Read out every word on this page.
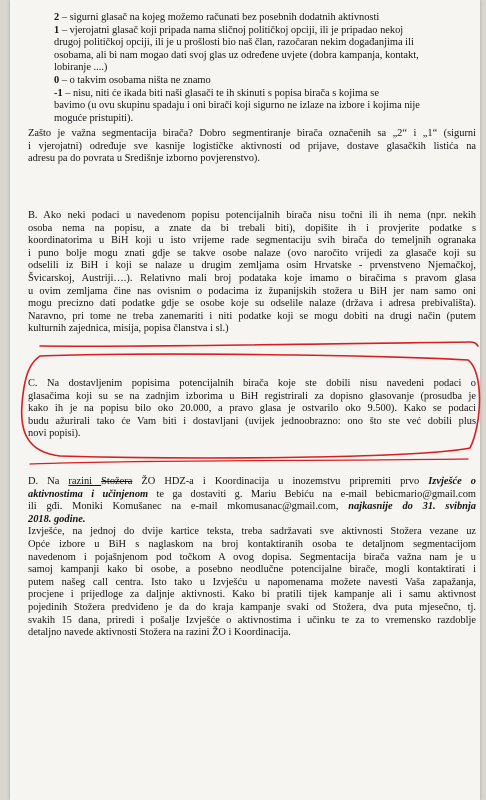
2 – sigurni glasač na kojeg možemo računati bez posebnih dodatnih aktivnosti

1 – vjerojatni glasač koji pripada nama sličnoj političkoj opciji, ili je pripadao nekoj

drugoj političkoj opciji, ili je u prošlosti bio naš član, razočaran nekim događanjima ili

osobama, ali bi nam mogao dati svoj glas uz određene uvjete (dobra kampanja, kontakt,

lobiranje ....)

0 – o takvim osobama ništa ne znamo

-1 – nisu, niti će ikada biti naši glasači te ih skinuti s popisa birača s kojima se

bavimo (u ovu skupinu spadaju i oni birači koji sigurno ne izlaze na izbore i kojima nije

moguće pristupiti).

Zašto je važna segmentacija birača? Dobro segmentiranje birača označenih sa „2“ i „1“ (sigurni
i vjerojatni) određuje sve kasnije logističke aktivnosti od prijave, dostave glasačkih listića na
adresu pa do povrata u Središnje izborno povjerenstvo).
B. Ako neki podaci u navedenom popisu potencijalnih birača nisu točni ili ih nema (npr. nekih
osoba nema na popisu, a znate da bi trebali biti), dopišite ih i provjerite podatke s
koordinatorima u BiH koji u isto vrijeme rade segmentaciju svih birača do temeljnih ogranaka
i puno bolje mogu znati gdje se takve osobe nalaze (ovo naročito vrijedi za glasače koji su
odselili iz BiH i koji se nalaze u drugim zemljama osim Hrvatske - prvenstveno Njemačkoj,
Švicarskoj, Austriji….). Relativno mali broj podataka koje imamo o biračima s pravom glasa
u ovim zemljama čine nas ovisnim o podacima iz županijskih stožera u BiH jer nam samo oni
mogu precizno dati podatke gdje se osobe koje su odselile nalaze (država i adresa prebivališta).
Naravno, pri tome ne treba zanemariti i niti podatke koji se mogu dobiti na drugi način (putem
kulturnih zajednica, misija, popisa članstva i sl.)
C. Na dostavljenim popisima potencijalnih birača koje ste dobili nisu navedeni podaci o
glasačima koji su se na zadnjim izborima u BiH registrirali za dopisno glasovanje (prosudba je
kako ih je na popisu bilo oko 20.000, a pravo glasa je ostvarilo oko 9.500). Kako se podaci
budu ažurirali tako će Vam biti i dostavljani (uvijek jednoobrazno: ono što ste već dobili plus
novi popisi).
D. Na razini Stožera ŽO HDZ-a i Koordinacija u inozemstvu pripremiti prvo Izvješće o
aktivnostima i učinjenom te ga dostaviti g. Mariu Bebiću na e-mail bebicmario@gmail.com
ili gđi. Moniki Komušanec na e-mail mkomusanac@gmail.com, najkasnije do 31. svibnja
2018. godine.
Izvješće, na jednoj do dvije kartice teksta, treba sadržavati sve aktivnosti Stožera vezane uz
Opće izbore u BiH s naglaskom na broj kontaktiranih osoba te detaljnom segmentacijom
navedenom i pojašnjenom pod točkom A ovog dopisa. Segmentacija birača važna nam je u
samoj kampanji kako bi osobe, a posebno neodlučne potencijalne birače, mogli kontaktirati i
putem našeg call centra. Isto tako u Izvješću u napomenama možete navesti Vaša zapažanja,
procjene i prijedloge za daljnje aktivnosti. Kako bi pratili tijek kampanje ali i samu aktivnost
pojedinih Stožera predviđeno je da do kraja kampanje svaki od Stožera, dva puta mjesečno, tj.
svakih 15 dana, priredi i pošalje Izvješće o aktivnostima i učinku te za to vremensko razdoblje
detaljno navede aktivnosti Stožera na razini ŽO i Koordinacija.
